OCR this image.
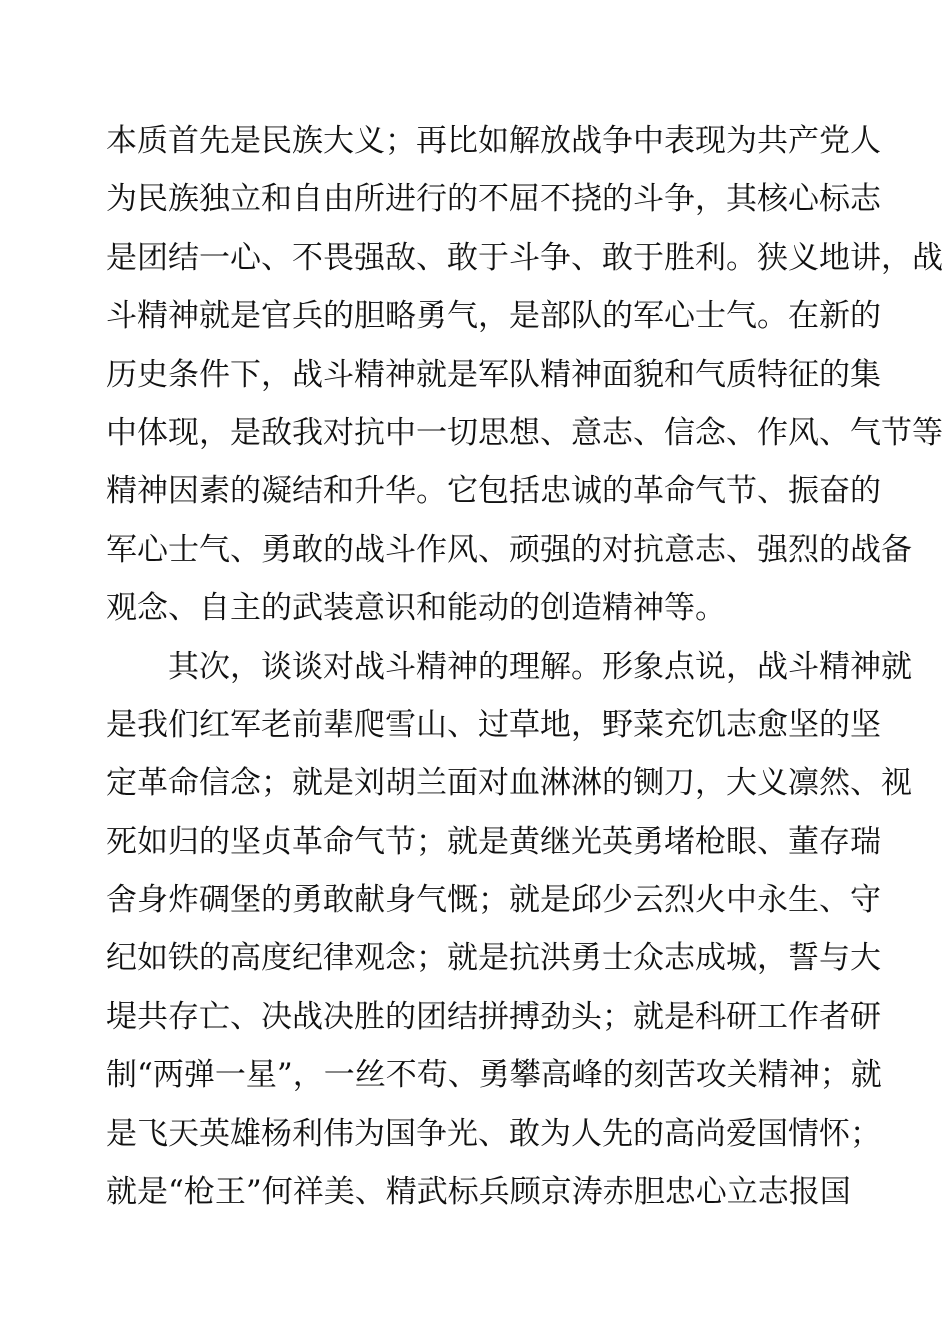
本质首先是民族大义；再比如解放战争中表现为共产党人
为民族独立和自由所进行的不屈不挠的斗争，其核心标志
是团结一心、不畏强敌、敢于斗争、敢于胜利。狭义地讲，战
斗精神就是官兵的胆略勇气，是部队的军心士气。在新的
历史条件下，战斗精神就是军队精神面貌和气质特征的集
中体现，是敌我对抗中一切思想、意志、信念、作风、气节等
精神因素的凝结和升华。它包括忠诚的革命气节、振奋的
军心士气、勇敢的战斗作风、顽强的对抗意志、强烈的战备
观念、自主的武装意识和能动的创造精神等。
其次，谈谈对战斗精神的理解。形象点说，战斗精神就
是我们红军老前辈爬雪山、过草地，野菜充饥志愈坚的坚
定革命信念；就是刘胡兰面对血淋淋的铡刀，大义凛然、视
死如归的坚贞革命气节；就是黄继光英勇堵枪眼、董存瑞
舍身炸碉堡的勇敢献身气慨；就是邱少云烈火中永生、守
纪如铁的高度纪律观念；就是抗洪勇士众志成城，誓与大
堤共存亡、决战决胜的团结拼搏劲头；就是科研工作者研
制“两弹一星”，一丝不苟、勇攀高峰的刻苦攻关精神；就
是飞天英雄杨利伟为国争光、敢为人先的高尚爱国情怀；
就是“枪王”何祥美、精武标兵顾京涛赤胆忠心立志报国
